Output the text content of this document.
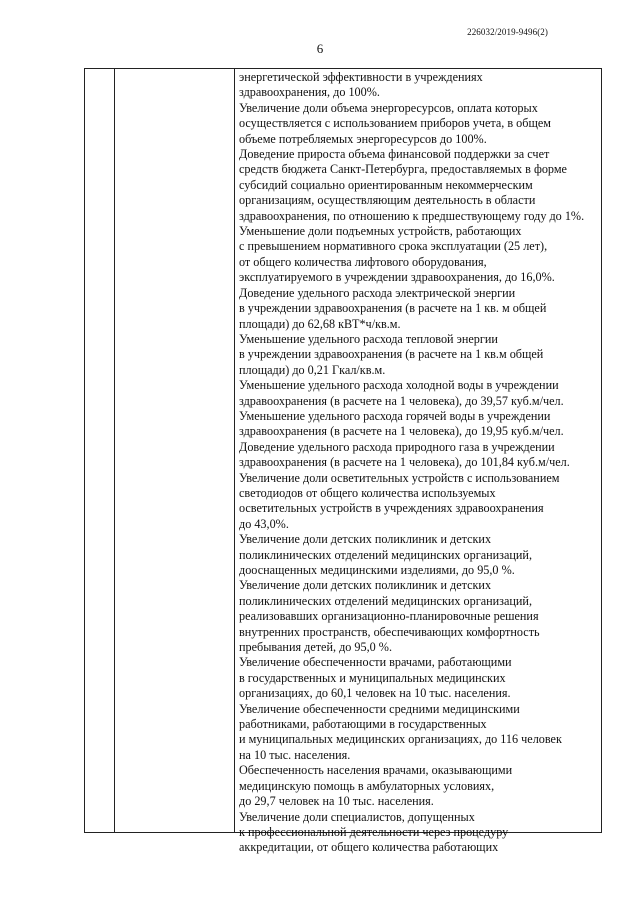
226032/2019-9496(2)
6
энергетической эффективности в учреждениях
здравоохранения, до 100%.
Увеличение доли объема энергоресурсов, оплата которых
осуществляется с использованием приборов учета, в общем
объеме потребляемых энергоресурсов до 100%.
Доведение прироста объема финансовой поддержки за счет
средств бюджета Санкт-Петербурга, предоставляемых в форме
субсидий социально ориентированным некоммерческим
организациям, осуществляющим деятельность в области
здравоохранения, по отношению к предшествующему году до 1%.
Уменьшение доли подъемных устройств, работающих
с превышением нормативного срока эксплуатации (25 лет),
от общего количества лифтового оборудования,
эксплуатируемого в учреждении здравоохранения, до 16,0%.
Доведение удельного расхода электрической энергии
в учреждении здравоохранения (в расчете на 1 кв. м общей
площади) до 62,68 кВТ*ч/кв.м.
Уменьшение удельного расхода тепловой энергии
в учреждении здравоохранения (в расчете на 1 кв.м общей
площади) до 0,21 Гкал/кв.м.
Уменьшение удельного расхода холодной воды в учреждении
здравоохранения (в расчете на 1 человека), до 39,57 куб.м/чел.
Уменьшение удельного расхода горячей воды в учреждении
здравоохранения (в расчете на 1 человека), до 19,95 куб.м/чел.
Доведение удельного расхода природного газа в учреждении
здравоохранения (в расчете на 1 человека), до 101,84 куб.м/чел.
Увеличение доли осветительных устройств с использованием
светодиодов от общего количества используемых
осветительных устройств в учреждениях здравоохранения
до 43,0%.
Увеличение доли детских поликлиник и детских
поликлинических отделений медицинских организаций,
дооснащенных медицинскими изделиями, до 95,0 %.
Увеличение доли детских поликлиник и детских
поликлинических отделений медицинских организаций,
реализовавших организационно-планировочные решения
внутренних пространств, обеспечивающих комфортность
пребывания детей, до 95,0 %.
Увеличение обеспеченности врачами, работающими
в государственных и муниципальных медицинских
организациях, до 60,1 человек на 10 тыс. населения.
Увеличение обеспеченности средними медицинскими
работниками, работающими в государственных
и муниципальных медицинских организациях, до 116 человек
на 10 тыс. населения.
Обеспеченность населения врачами, оказывающими
медицинскую помощь в амбулаторных условиях,
до 29,7 человек на 10 тыс. населения.
Увеличение доли специалистов, допущенных
к профессиональной деятельности через процедуру
аккредитации, от общего количества работающих
